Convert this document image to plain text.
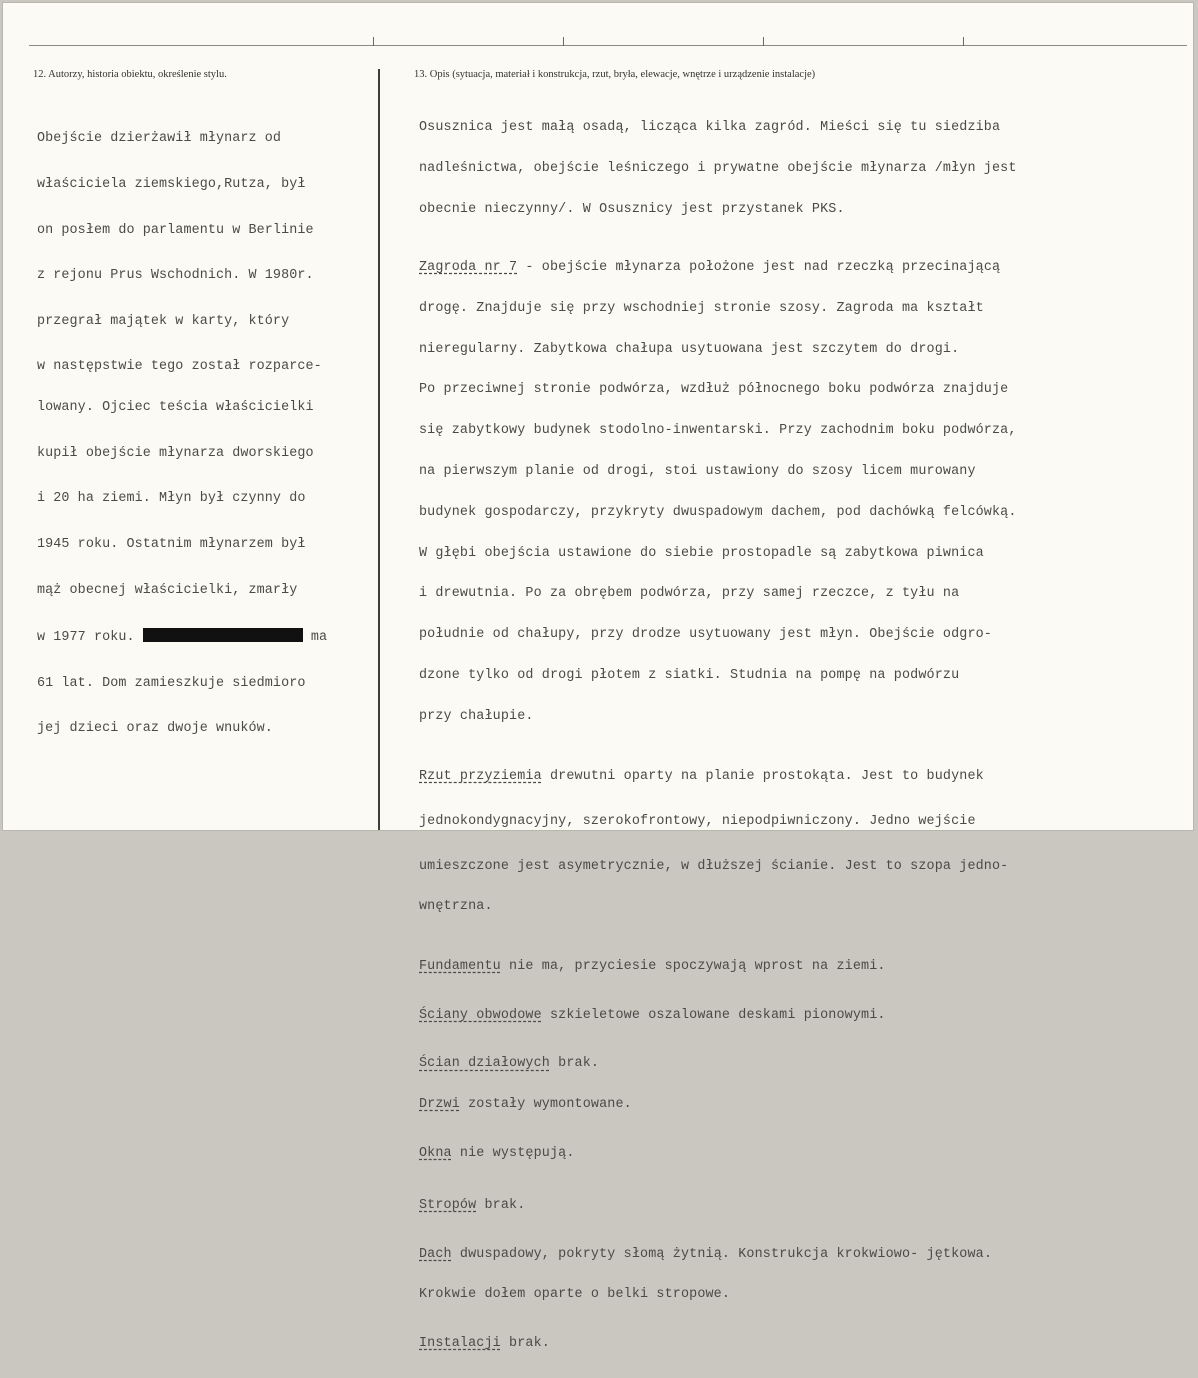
12. Autorzy, historia obiektu, określenie stylu.	13. Opis (sytuacja, materiał i konstrukcja, rzut, bryła, elewacje, wnętrze i urządzenie instalacje)

Obejście dzierżawił młynarz od

właściciela ziemskiego,Rutza, był

on posłem do parlamentu w Berlinie

z rejonu Prus Wschodnich. W 1980r.

przegrał majątek w karty, który

w następstwie tego został rozparce-

lowany. Ojciec teścia właścicielki

kupił obejście młynarza dworskiego

i 20 ha ziemi. Młyn był czynny do

1945 roku. Ostatnim młynarzem był

mąż obecnej właścicielki, zmarły

w 1977 roku.	ma

61 lat. Dom zamieszkuje siedmioro

jej dzieci oraz dwoje wnuków.

Osusznica jest małą osadą, licząca kilka zagród. Mieści się tu siedziba

nadleśnictwa, obejście leśniczego i prywatne obejście młynarza /młyn jest

obecnie nieczynny/. W Osusznicy jest przystanek PKS.

Zagroda nr 7 - obejście młynarza położone jest nad rzeczką przecinającą

drogę. Znajduje się przy wschodniej stronie szosy. Zagroda ma kształt

nieregularny. Zabytkowa chałupa usytuowana jest szczytem do drogi.

Po przeciwnej stronie podwórza, wzdłuż północnego boku podwórza znajduje

się zabytkowy budynek stodolno-inwentarski. Przy zachodnim boku podwórza,

na pierwszym planie od drogi, stoi ustawiony do szosy licem murowany

budynek gospodarczy, przykryty dwuspadowym dachem, pod dachówką felcówką.

W głębi obejścia ustawione do siebie prostopadle są zabytkowa piwnica

i drewutnia. Po za obrębem podwórza, przy samej rzeczce, z tyłu na

południe od chałupy, przy drodze usytuowany jest młyn. Obejście odgro-

dzone tylko od drogi płotem z siatki. Studnia na pompę na podwórzu

przy chałupie.

Rzut przyziemia drewutni oparty na planie prostokąta. Jest to budynek

jednokondygnacyjny, szerokofrontowy, niepodpiwniczony. Jedno wejście

umieszczone jest asymetrycznie, w dłuższej ścianie. Jest to szopa jedno-

wnętrzna.

Fundamentu nie ma, przyciesie spoczywają wprost na ziemi.

Ściany obwodowe szkieletowe oszalowane deskami pionowymi.

Ścian działowych brak.

Drzwi zostały wymontowane.

Okna nie występują.

Stropów brak.

Dach dwuspadowy, pokryty słomą żytnią. Konstrukcja krokwiowo- jętkowa.

Krokwie dołem oparte o belki stropowe.

Instalacji brak.
